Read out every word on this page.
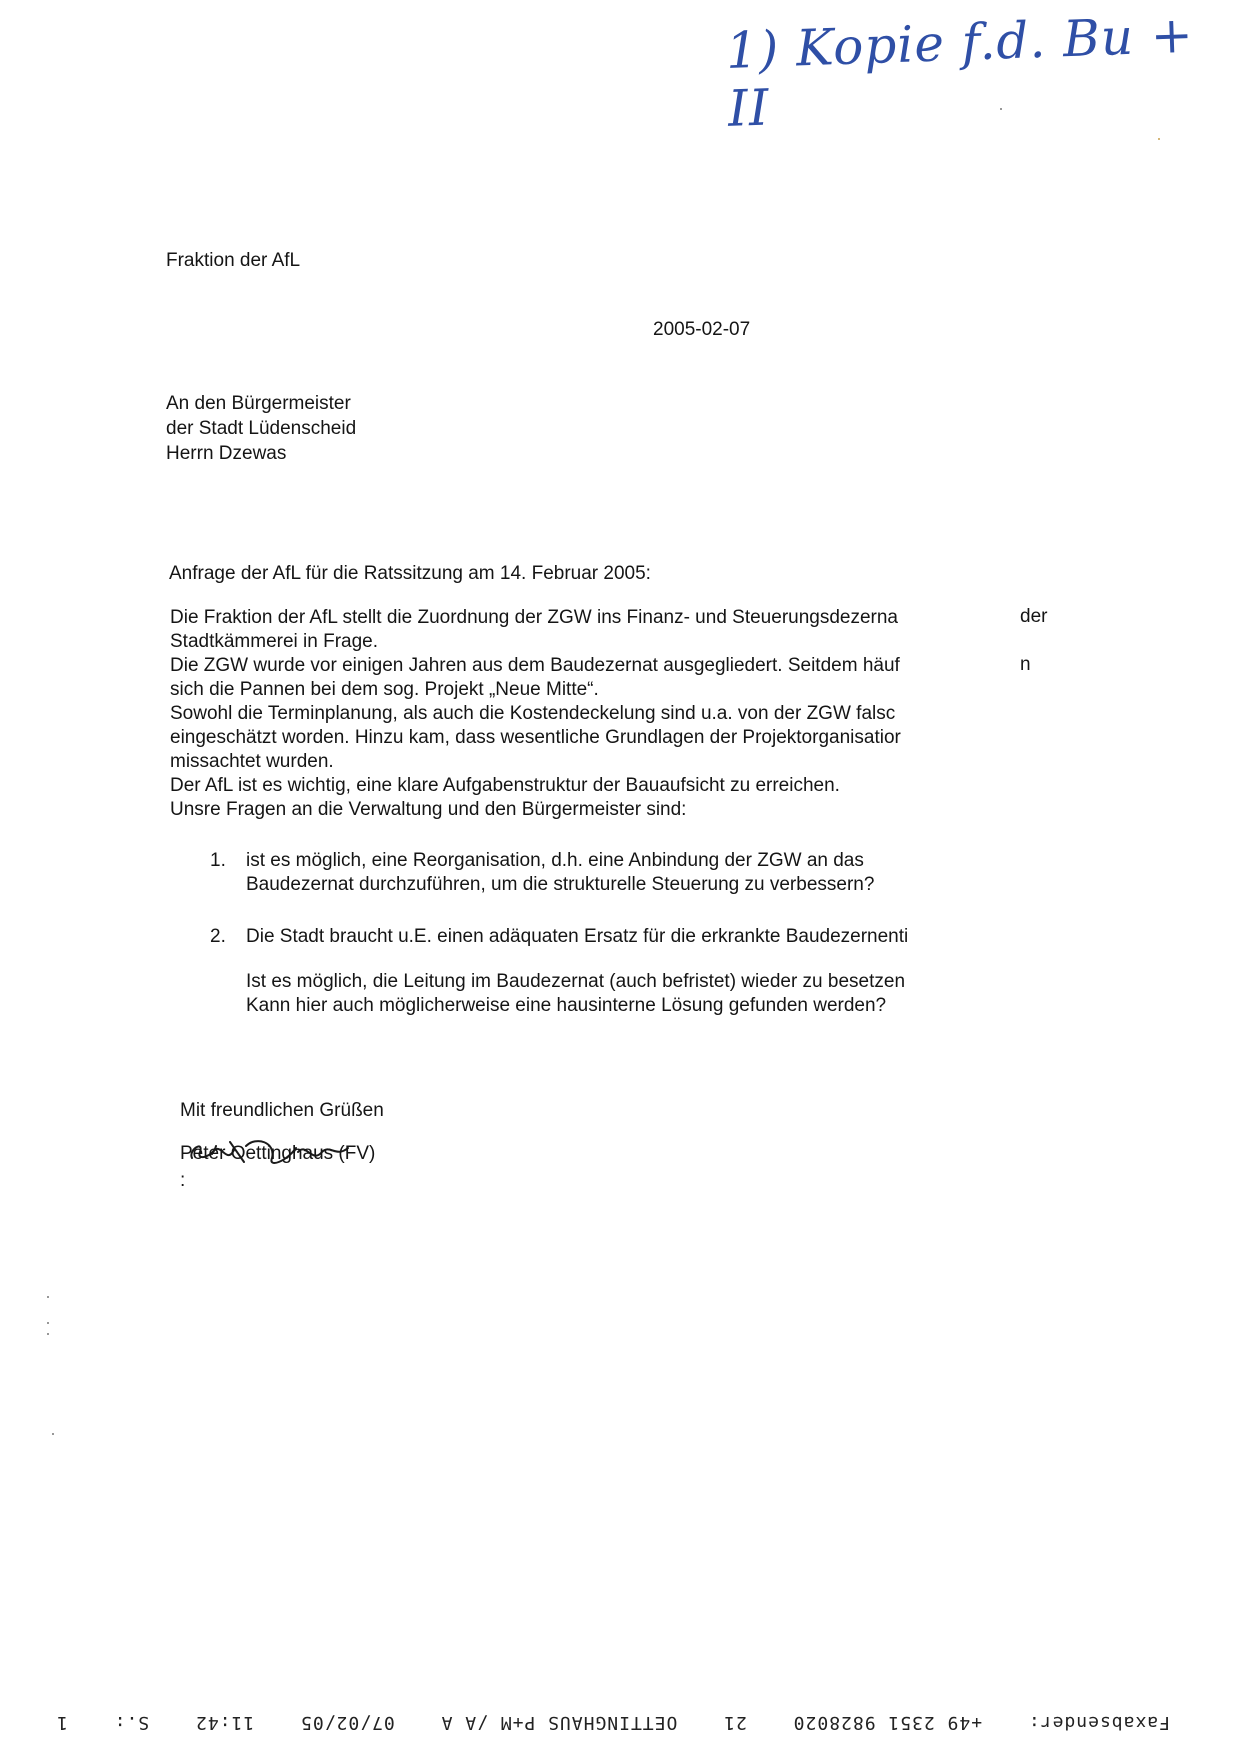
1) Kopie f.d. Bu + II
Fraktion der AfL
2005-02-07
An den Bürgermeister
der Stadt Lüdenscheid
Herrn Dzewas
Anfrage der AfL für die Ratssitzung am 14. Februar 2005:
Die Fraktion der AfL stellt die Zuordnung der ZGW ins Finanz- und Steuerungsdezerna
Stadtkämmerei in Frage.
Die ZGW wurde vor einigen Jahren aus dem Baudezernat ausgegliedert. Seitdem häuf
sich die Pannen bei dem sog. Projekt „Neue Mitte“.
Sowohl die Terminplanung, als auch die Kostendeckelung sind u.a. von der ZGW falsc
eingeschätzt worden. Hinzu kam, dass wesentliche Grundlagen der Projektorganisatior
missachtet wurden.
Der AfL ist es wichtig, eine klare Aufgabenstruktur der Bauaufsicht zu erreichen.
Unsre Fragen an die Verwaltung und den Bürgermeister sind:
der
n
1. ist es möglich, eine Reorganisation, d.h. eine Anbindung der ZGW an das
Baudezernat durchzuführen, um die strukturelle Steuerung zu verbessern?
2. Die Stadt braucht u.E. einen adäquaten Ersatz für die erkrankte Baudezernenti
Ist es möglich, die Leitung im Baudezernat (auch befristet) wieder zu besetzen
Kann hier auch möglicherweise eine hausinterne Lösung gefunden werden?
Mit freundlichen Grüßen
Peter Oettinghaus (FV)
:
Faxabsender: +49 2351 9828020 21 OETTINGHAUS P+M /A A 07/02/05 11:42 S.: 1
